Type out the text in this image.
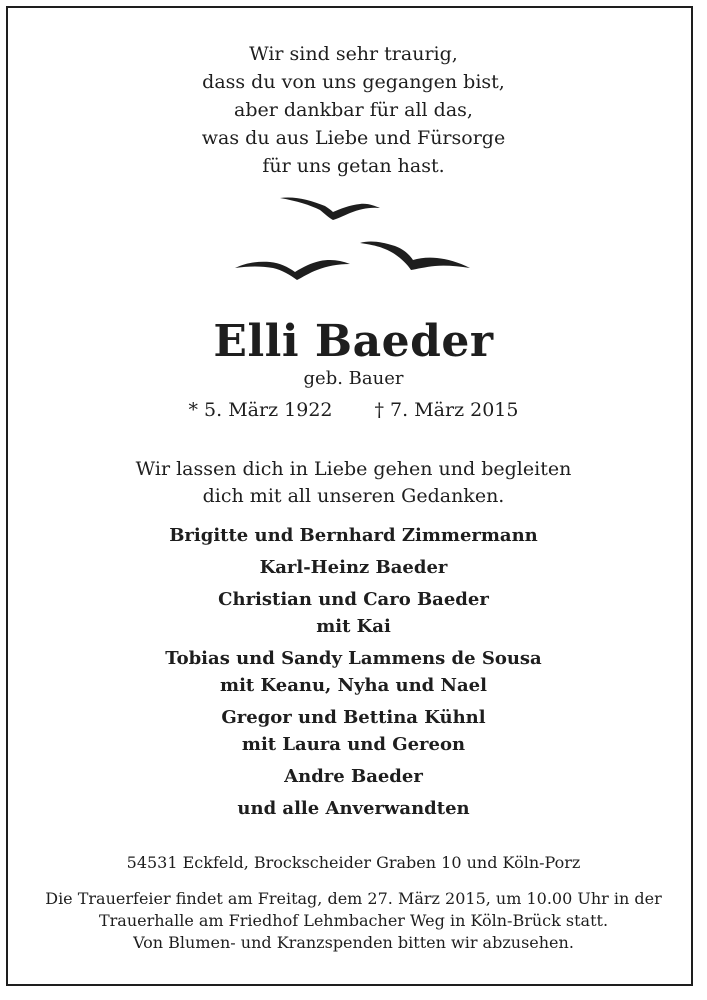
Wir sind sehr traurig,
dass du von uns gegangen bist,
aber dankbar für all das,
was du aus Liebe und Fürsorge
für uns getan hast.
Elli Baeder
geb. Bauer
* 5. März 1922 † 7. März 2015
Wir lassen dich in Liebe gehen und begleiten
dich mit all unseren Gedanken.
Brigitte und Bernhard Zimmermann
Karl-Heinz Baeder
Christian und Caro Baeder
mit Kai
Tobias und Sandy Lammens de Sousa
mit Keanu, Nyha und Nael
Gregor und Bettina Kühnl
mit Laura und Gereon
Andre Baeder
und alle Anverwandten
54531 Eckfeld, Brockscheider Graben 10 und Köln-Porz
Die Trauerfeier findet am Freitag, dem 27. März 2015, um 10.00 Uhr in der
Trauerhalle am Friedhof Lehmbacher Weg in Köln-Brück statt.
Von Blumen- und Kranzspenden bitten wir abzusehen.
